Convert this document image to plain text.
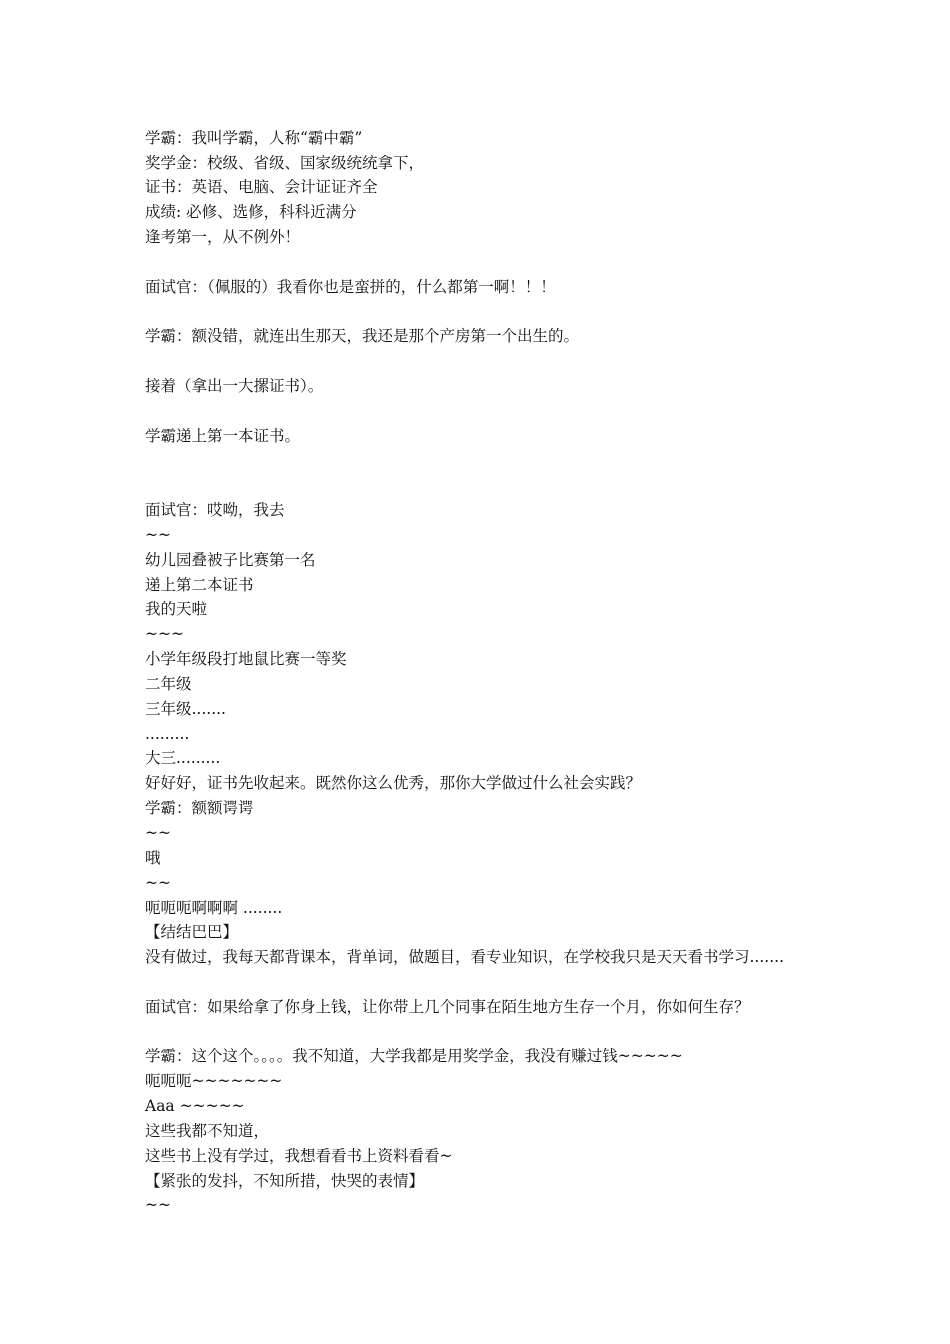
学霸：我叫学霸，人称“霸中霸”
奖学金：校级、省级、国家级统统拿下，
证书：英语、电脑、会计证证齐全
成绩: 必修、选修，科科近满分
逢考第一，从不例外！
面试官：（佩服的）我看你也是蛮拼的，什么都第一啊！！！
学霸：额没错，就连出生那天，我还是那个产房第一个出生的。
接着（拿出一大摞证书）。
学霸递上第一本证书。
面试官：哎呦，我去
~~
幼儿园叠被子比赛第一名
递上第二本证书
我的天啦
~~~
小学年级段打地鼠比赛一等奖
二年级
三年级.......
.........
大三.........
好好好，证书先收起来。既然你这么优秀，那你大学做过什么社会实践？
学霸：额额谔谔
~~
哦
~~
呃呃呃啊啊啊 ........
【结结巴巴】
没有做过，我每天都背课本，背单词，做题目，看专业知识，在学校我只是天天看书学习.......
面试官：如果给拿了你身上钱，让你带上几个同事在陌生地方生存一个月，你如何生存？
学霸：这个这个。。。。我不知道，大学我都是用奖学金，我没有赚过钱~~~~~
呃呃呃~~~~~~~
Aaa ~~~~~
这些我都不知道，
这些书上没有学过，我想看看书上资料看看~
【紧张的发抖，不知所措，快哭的表情】
~~
